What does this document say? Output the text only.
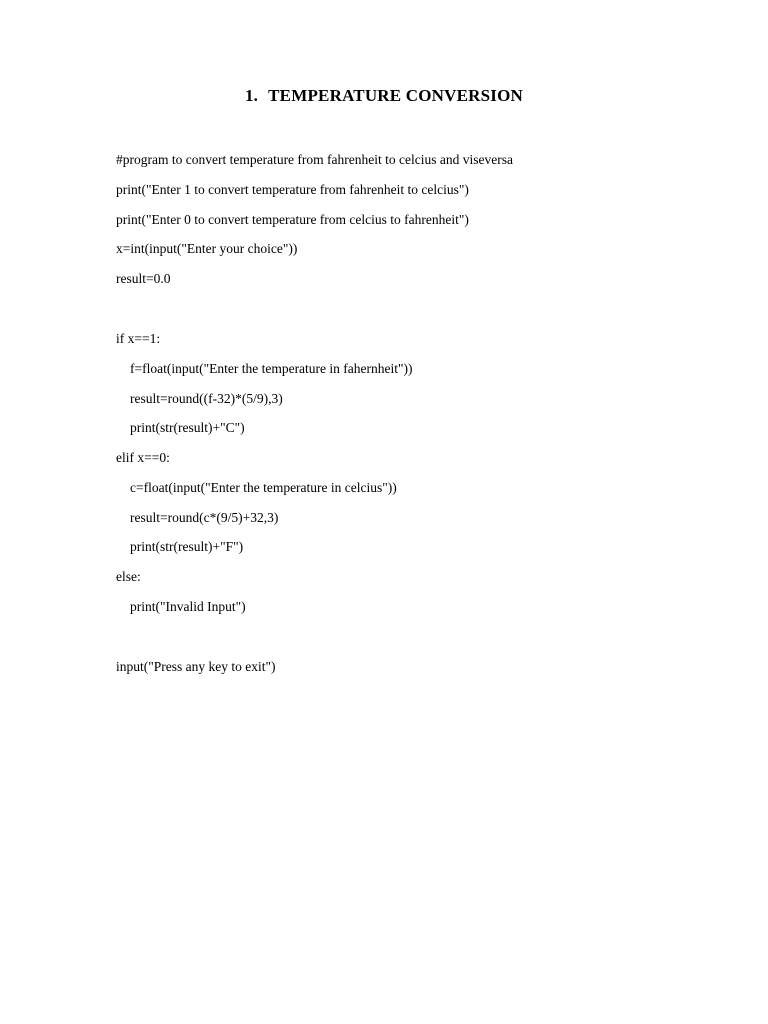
1. TEMPERATURE CONVERSION

#program to convert temperature from fahrenheit to celcius and viseversa

print("Enter 1 to convert temperature from fahrenheit to celcius")

print("Enter 0 to convert temperature from celcius to fahrenheit")

x=int(input("Enter your choice"))

result=0.0

if x==1:

f=float(input("Enter the temperature in fahernheit"))

result=round((f-32)*(5/9),3)

print(str(result)+"C")

elif x==0:

c=float(input("Enter the temperature in celcius"))

result=round(c*(9/5)+32,3)

print(str(result)+"F")

else:

print("Invalid Input")

input("Press any key to exit")
